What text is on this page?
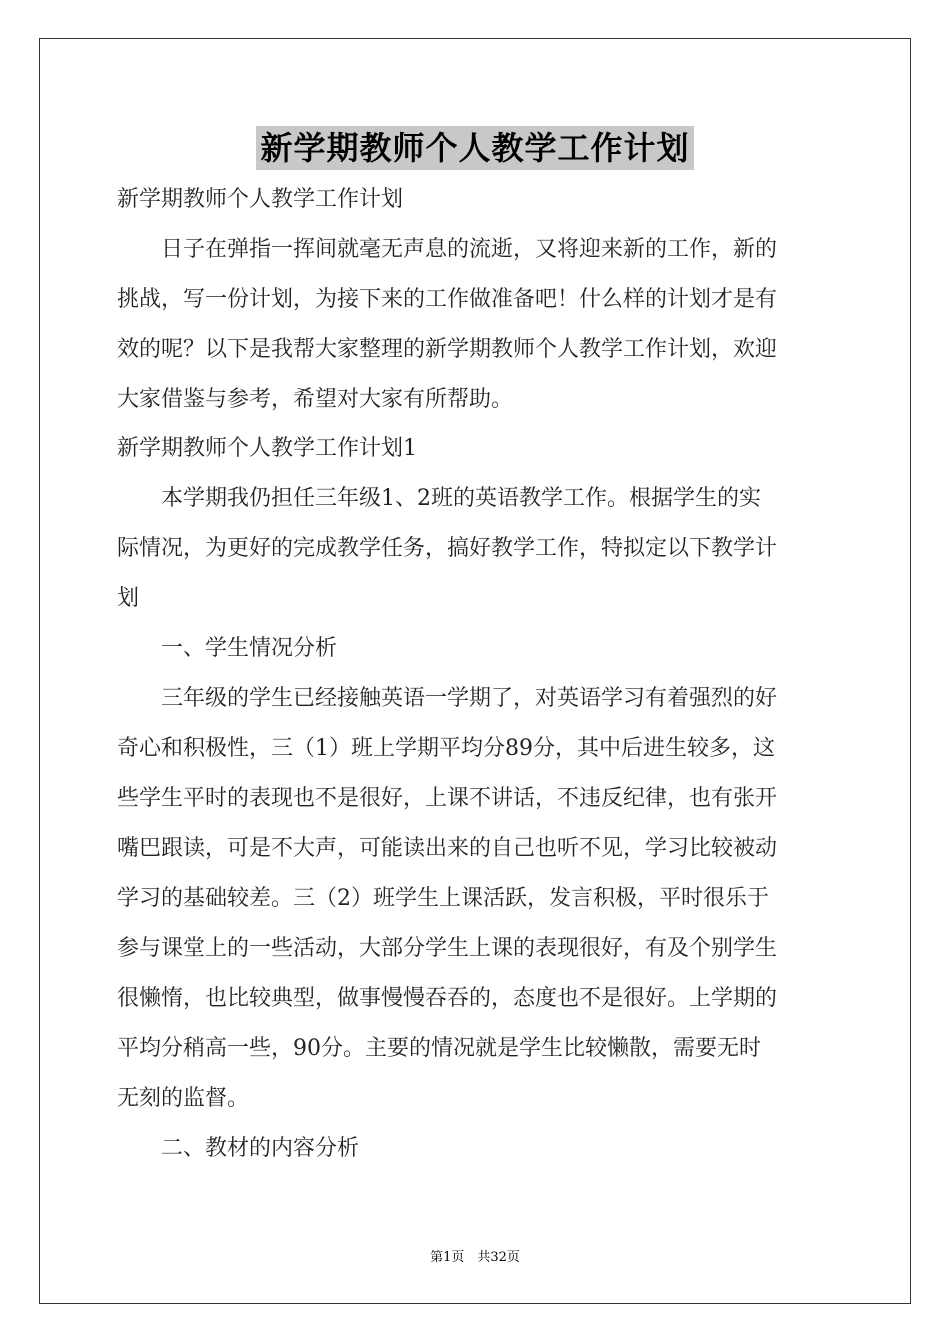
新学期教师个人教学工作计划
新学期教师个人教学工作计划
　　日子在弹指一挥间就毫无声息的流逝，又将迎来新的工作，新的
挑战，写一份计划，为接下来的工作做准备吧！什么样的计划才是有
效的呢？以下是我帮大家整理的新学期教师个人教学工作计划，欢迎
大家借鉴与参考，希望对大家有所帮助。
新学期教师个人教学工作计划1
　　本学期我仍担任三年级1、2班的英语教学工作。根据学生的实
际情况，为更好的完成教学任务，搞好教学工作，特拟定以下教学计
划
　　一、学生情况分析
　　三年级的学生已经接触英语一学期了，对英语学习有着强烈的好
奇心和积极性，三（1）班上学期平均分89分，其中后进生较多，这
些学生平时的表现也不是很好，上课不讲话，不违反纪律，也有张开
嘴巴跟读，可是不大声，可能读出来的自己也听不见，学习比较被动
学习的基础较差。三（2）班学生上课活跃，发言积极，平时很乐于
参与课堂上的一些活动，大部分学生上课的表现很好，有及个别学生
很懒惰，也比较典型，做事慢慢吞吞的，态度也不是很好。上学期的
平均分稍高一些，90分。主要的情况就是学生比较懒散，需要无时
无刻的监督。
　　二、教材的内容分析
第1页　共32页
